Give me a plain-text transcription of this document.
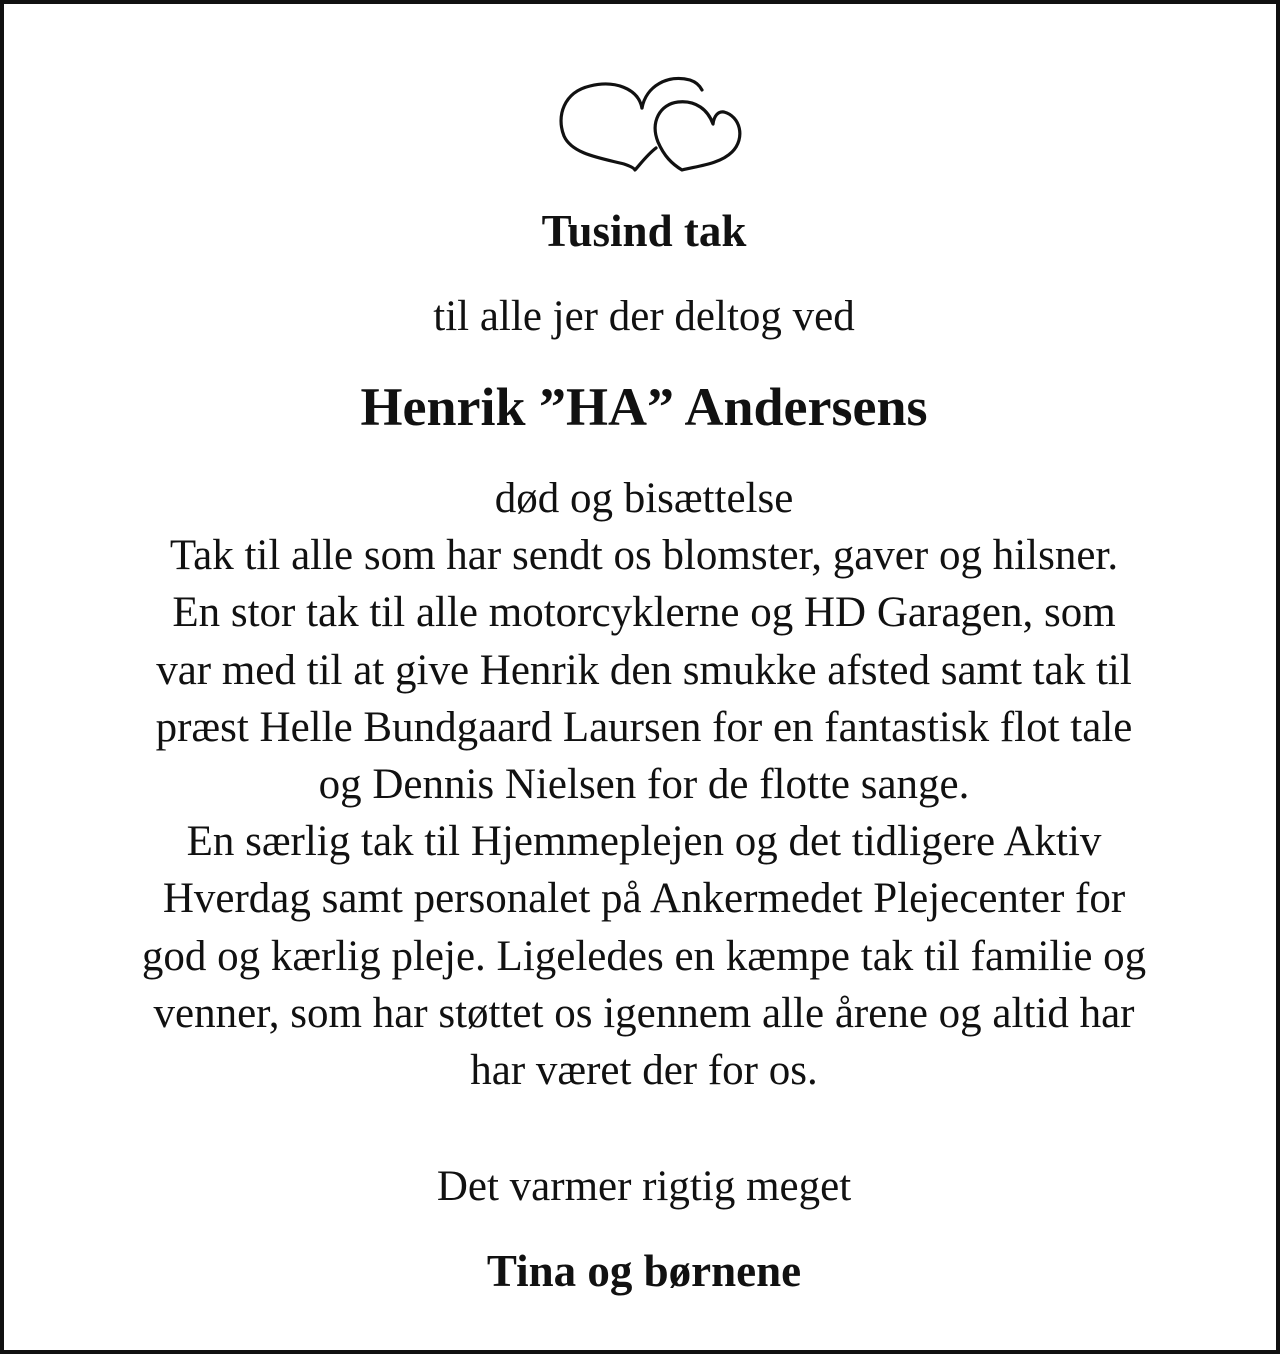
Tusind tak
til alle jer der deltog ved
Henrik ”HA” Andersens
død og bisættelse
Tak til alle som har sendt os blomster, gaver og hilsner.
En stor tak til alle motorcyklerne og HD Garagen, som
var med til at give Henrik den smukke afsted samt tak til
præst Helle Bundgaard Laursen for en fantastisk flot tale
og Dennis Nielsen for de flotte sange.
En særlig tak til Hjemmeplejen og det tidligere Aktiv
Hverdag samt personalet på Ankermedet Plejecenter for
god og kærlig pleje. Ligeledes en kæmpe tak til familie og
venner, som har støttet os igennem alle årene og altid har
har været der for os.
Det varmer rigtig meget
Tina og børnene
